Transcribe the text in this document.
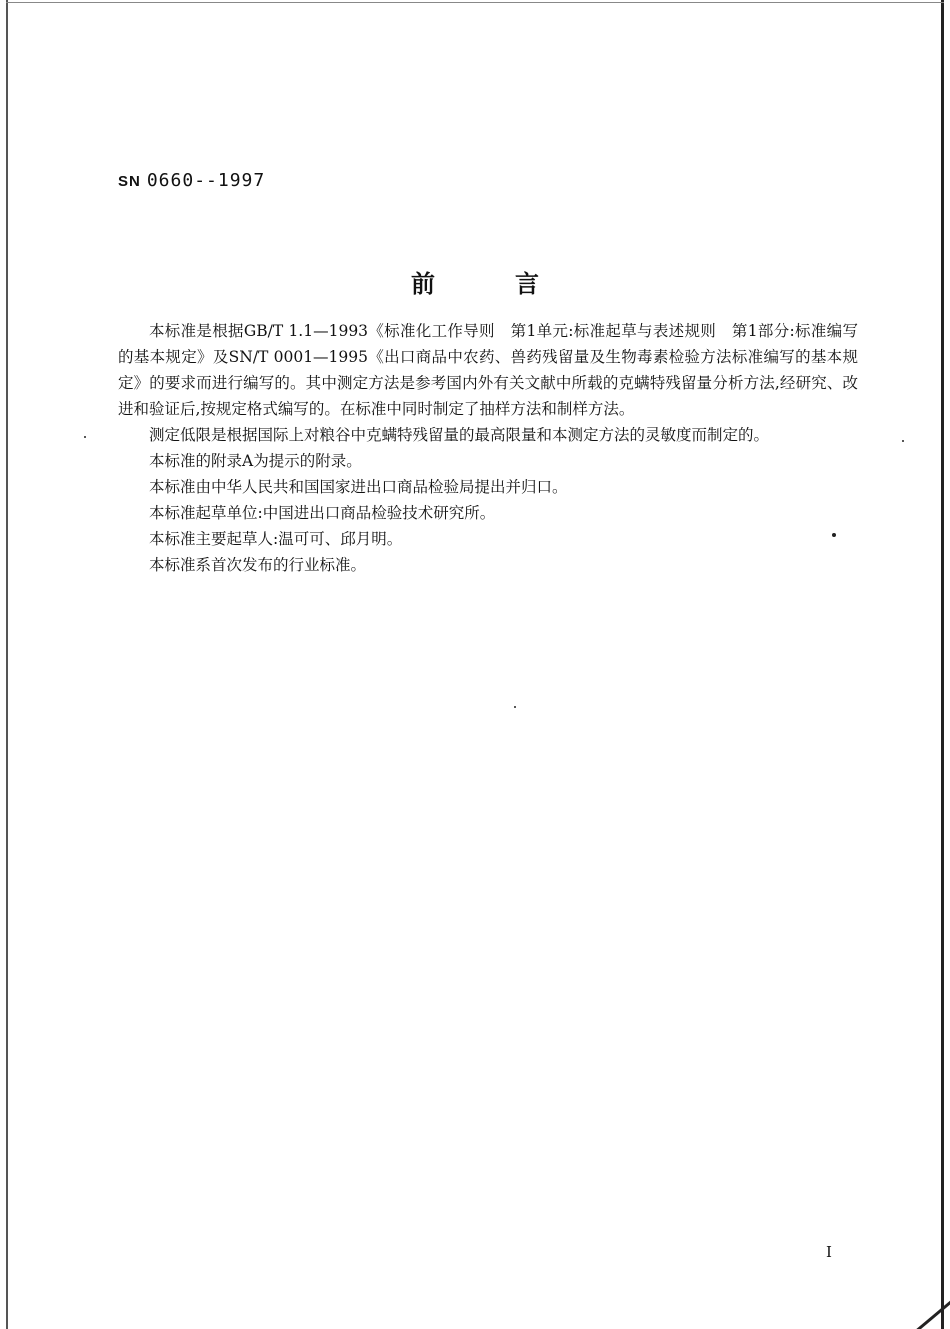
SN 0660--1997
前言

本标准是根据GB/T 1.1—1993《标准化工作导则　第1单元:标准起草与表述规则　第1部分:标准编写的基本规定》及SN/T 0001—1995《出口商品中农药、兽药残留量及生物毒素检验方法标准编写的基本规定》的要求而进行编写的。其中测定方法是参考国内外有关文献中所载的克螨特残留量分析方法,经研究、改进和验证后,按规定格式编写的。在标准中同时制定了抽样方法和制样方法。

测定低限是根据国际上对粮谷中克螨特残留量的最高限量和本测定方法的灵敏度而制定的。

本标准的附录A为提示的附录。

本标准由中华人民共和国国家进出口商品检验局提出并归口。

本标准起草单位:中国进出口商品检验技术研究所。

本标准主要起草人:温可可、邱月明。

本标准系首次发布的行业标准。

I
